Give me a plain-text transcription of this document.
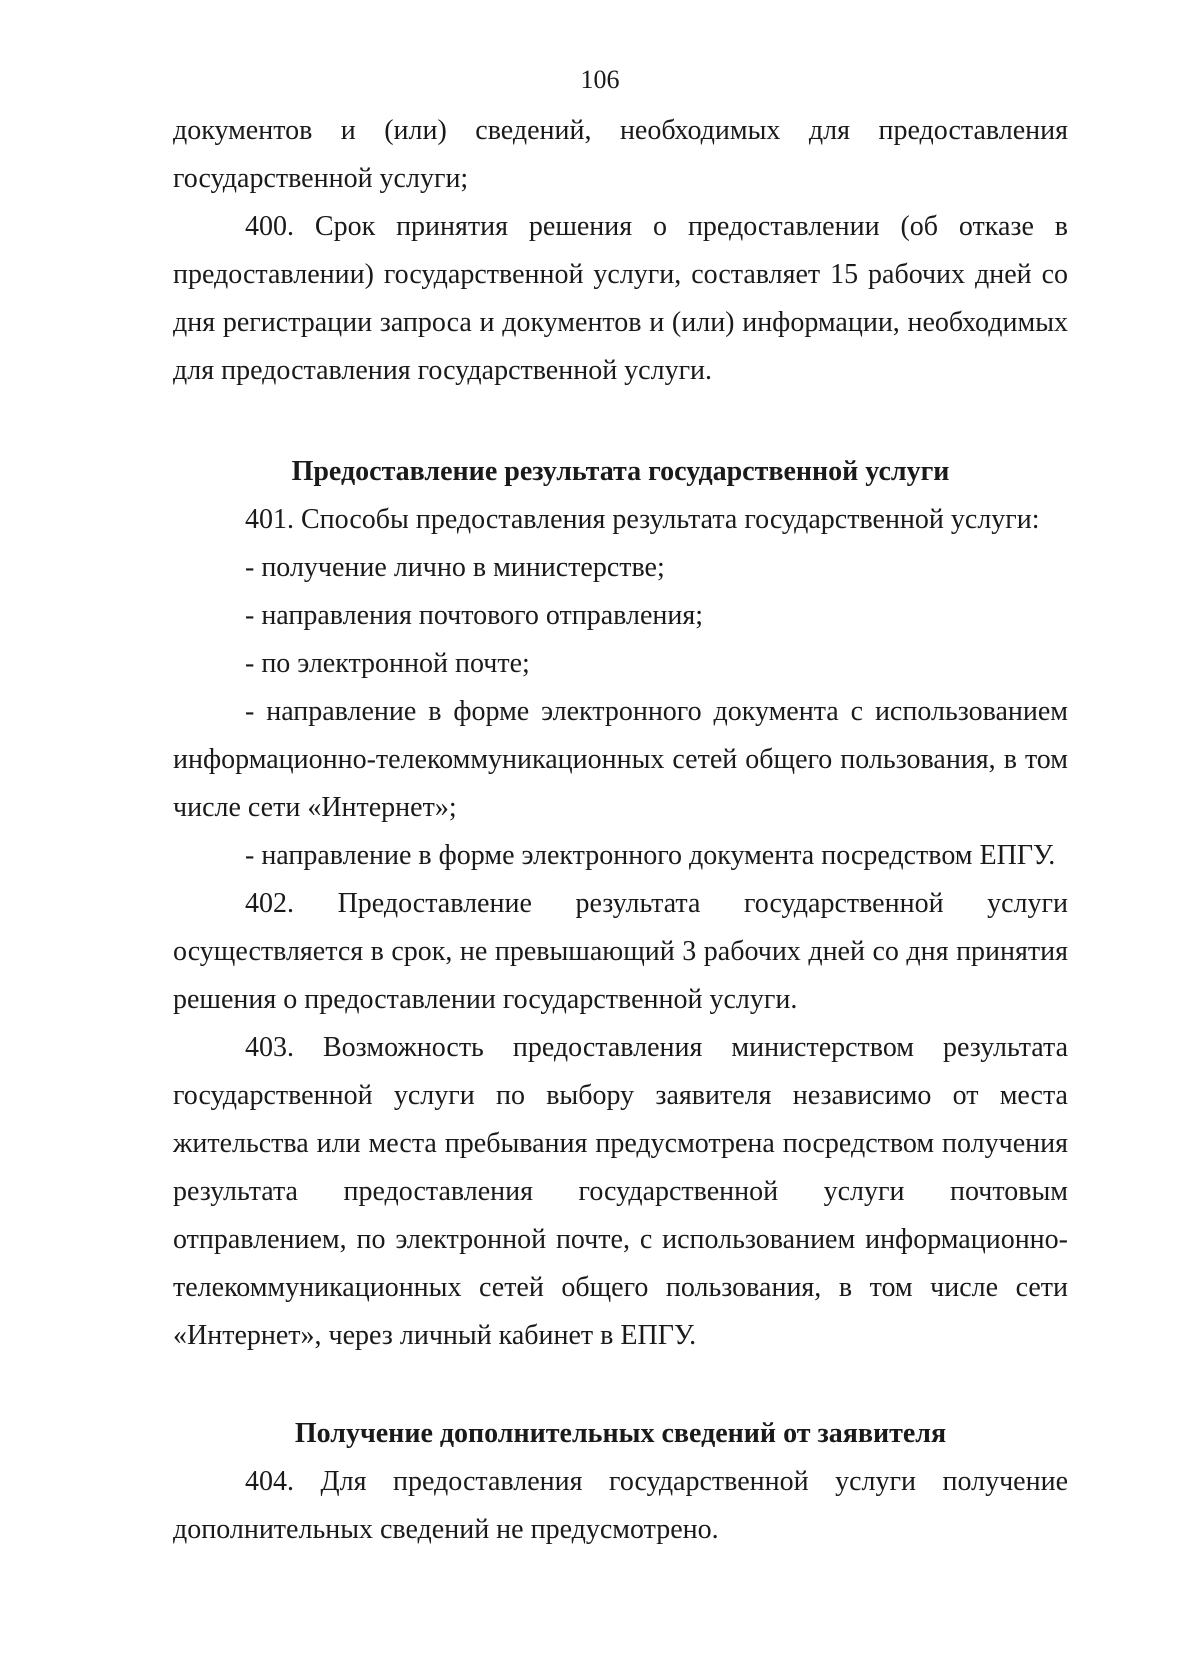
106

документов и (или) сведений, необходимых для предоставления
государственной услуги;

400. Срок принятия решения о предоставлении (об отказе в
предоставлении) государственной услуги, составляет 15 рабочих дней со
дня регистрации запроса и документов и (или) информации, необходимых
для предоставления государственной услуги.

Предоставление результата государственной услуги

401. Способы предоставления результата государственной услуги:

- получение лично в министерстве;

- направления почтового отправления;

- по электронной почте;

- направление в форме электронного документа с использованием
информационно-телекоммуникационных сетей общего пользования, в том
числе сети «Интернет»;

- направление в форме электронного документа посредством ЕПГУ.

402. Предоставление результата государственной услуги
осуществляется в срок, не превышающий 3 рабочих дней со дня принятия
решения о предоставлении государственной услуги.

403. Возможность предоставления министерством результата
государственной услуги по выбору заявителя независимо от места
жительства или места пребывания предусмотрена посредством получения
результата предоставления государственной услуги почтовым
отправлением, по электронной почте, с использованием информационно-
телекоммуникационных сетей общего пользования, в том числе сети
«Интернет», через личный кабинет в ЕПГУ.

Получение дополнительных сведений от заявителя

404. Для предоставления государственной услуги получение
дополнительных сведений не предусмотрено.
